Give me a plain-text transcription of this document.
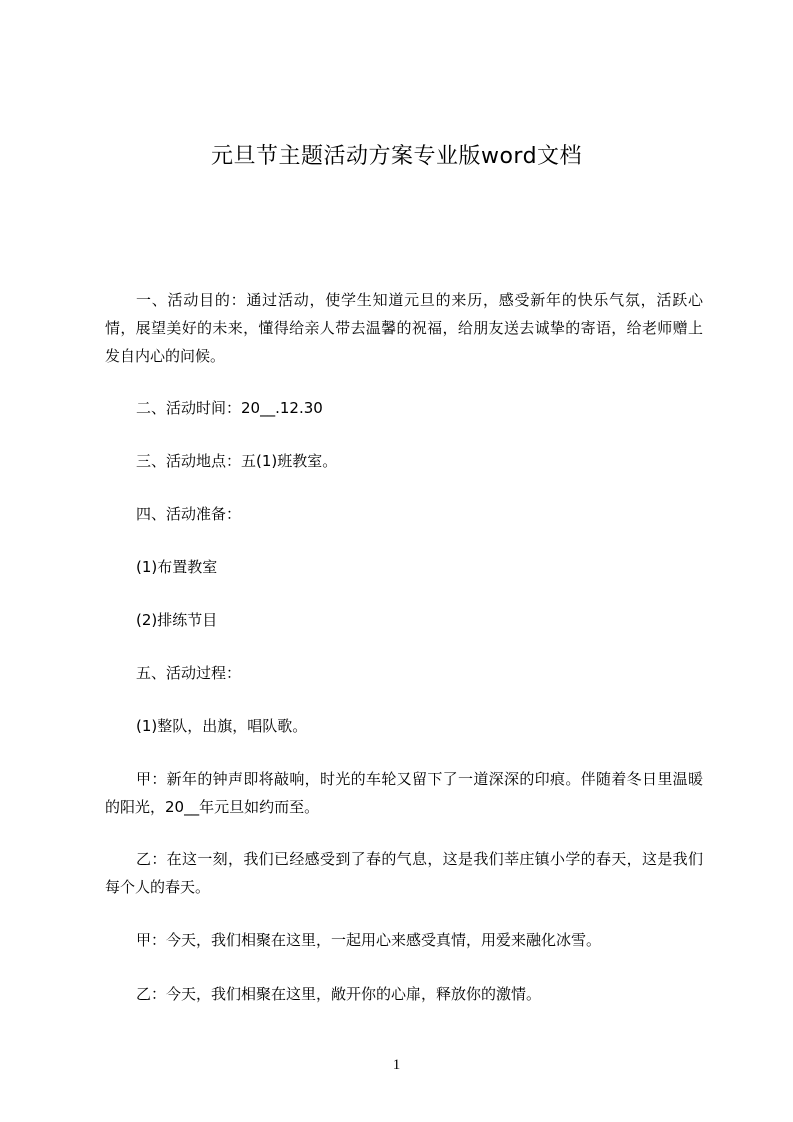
元旦节主题活动方案专业版word文档

一、活动目的：通过活动，使学生知道元旦的来历，感受新年的快乐气氛，活跃心情，展望美好的未来，懂得给亲人带去温馨的祝福，给朋友送去诚挚的寄语，给老师赠上发自内心的问候。

二、活动时间：20__.12.30

三、活动地点：五(1)班教室。

四、活动准备：

(1)布置教室

(2)排练节目

五、活动过程：

(1)整队，出旗，唱队歌。

甲：新年的钟声即将敲响，时光的车轮又留下了一道深深的印痕。伴随着冬日里温暖的阳光，20__年元旦如约而至。

乙：在这一刻，我们已经感受到了春的气息，这是我们莘庄镇小学的春天，这是我们每个人的春天。

甲：今天，我们相聚在这里，一起用心来感受真情，用爱来融化冰雪。

乙：今天，我们相聚在这里，敞开你的心扉，释放你的激情。

1
